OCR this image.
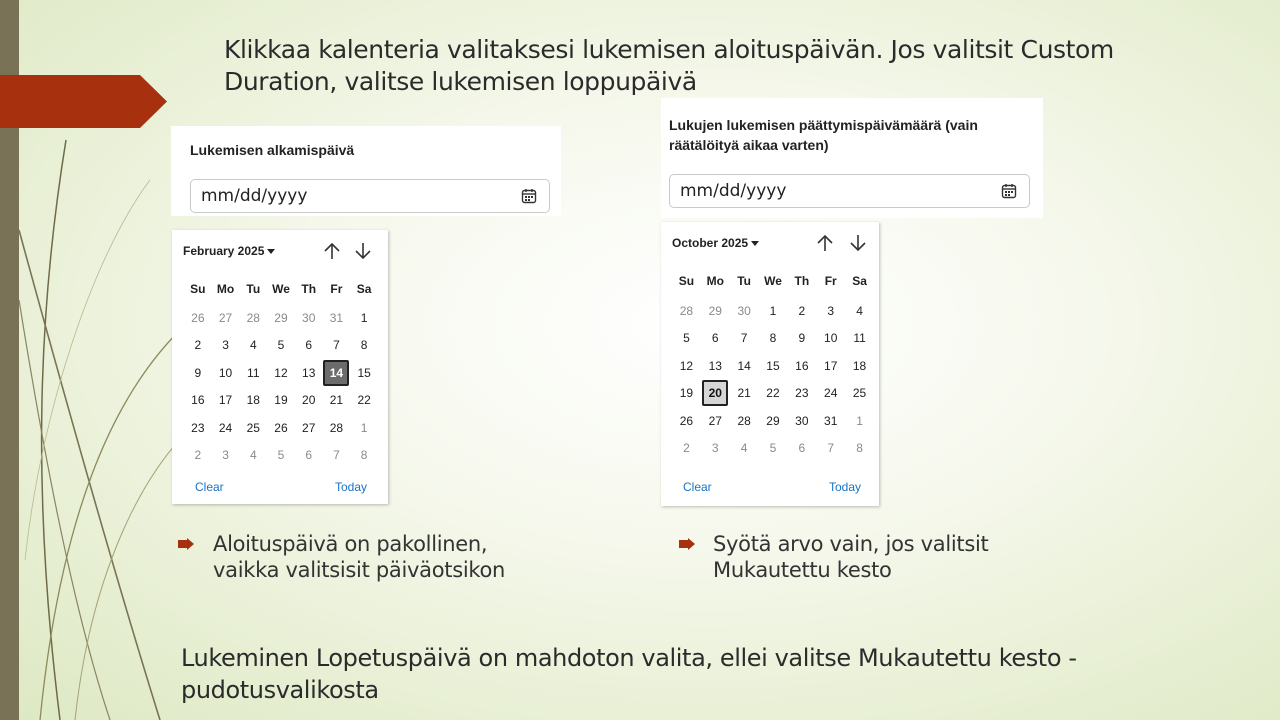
Klikkaa kalenteria valitaksesi lukemisen aloituspäivän. Jos valitsit Custom Duration, valitse lukemisen loppupäivä
Lukemisen alkamispäivä
mm/dd/yyyy
Lukujen lukemisen päättymispäivämäärä (vain
räätälöityä aikaa varten)
mm/dd/yyyy
February 2025
Su Mo	Tu We Th	Fr	Sa
26	27	28	29	30	31	1
2	3	4	5	6	7	8
9	10	11	12	13	14	15
16	17	18	19	20	21	22
23	24	25	26	27	28	1
2	3	4	5	6	7	8
Clear	Today
October 2025
Su	Mo	Tu	We	Th	Fr	Sa
28	29	30	1	2	3	4
5	6	7	8	9	10	11
12	13	14	15	16	17	18
19	20	21	22	23	24	25
26	27	28	29	30	31	1
2	3	4	5	6	7	8
Clear	Today
Aloituspäivä on pakollinen,
vaikka valitsisit päiväotsikon
Syötä arvo vain, jos valitsit
Mukautettu kesto
Lukeminen Lopetuspäivä on mahdoton valita, ellei valitse Mukautettu kesto -pudotusvalikosta
